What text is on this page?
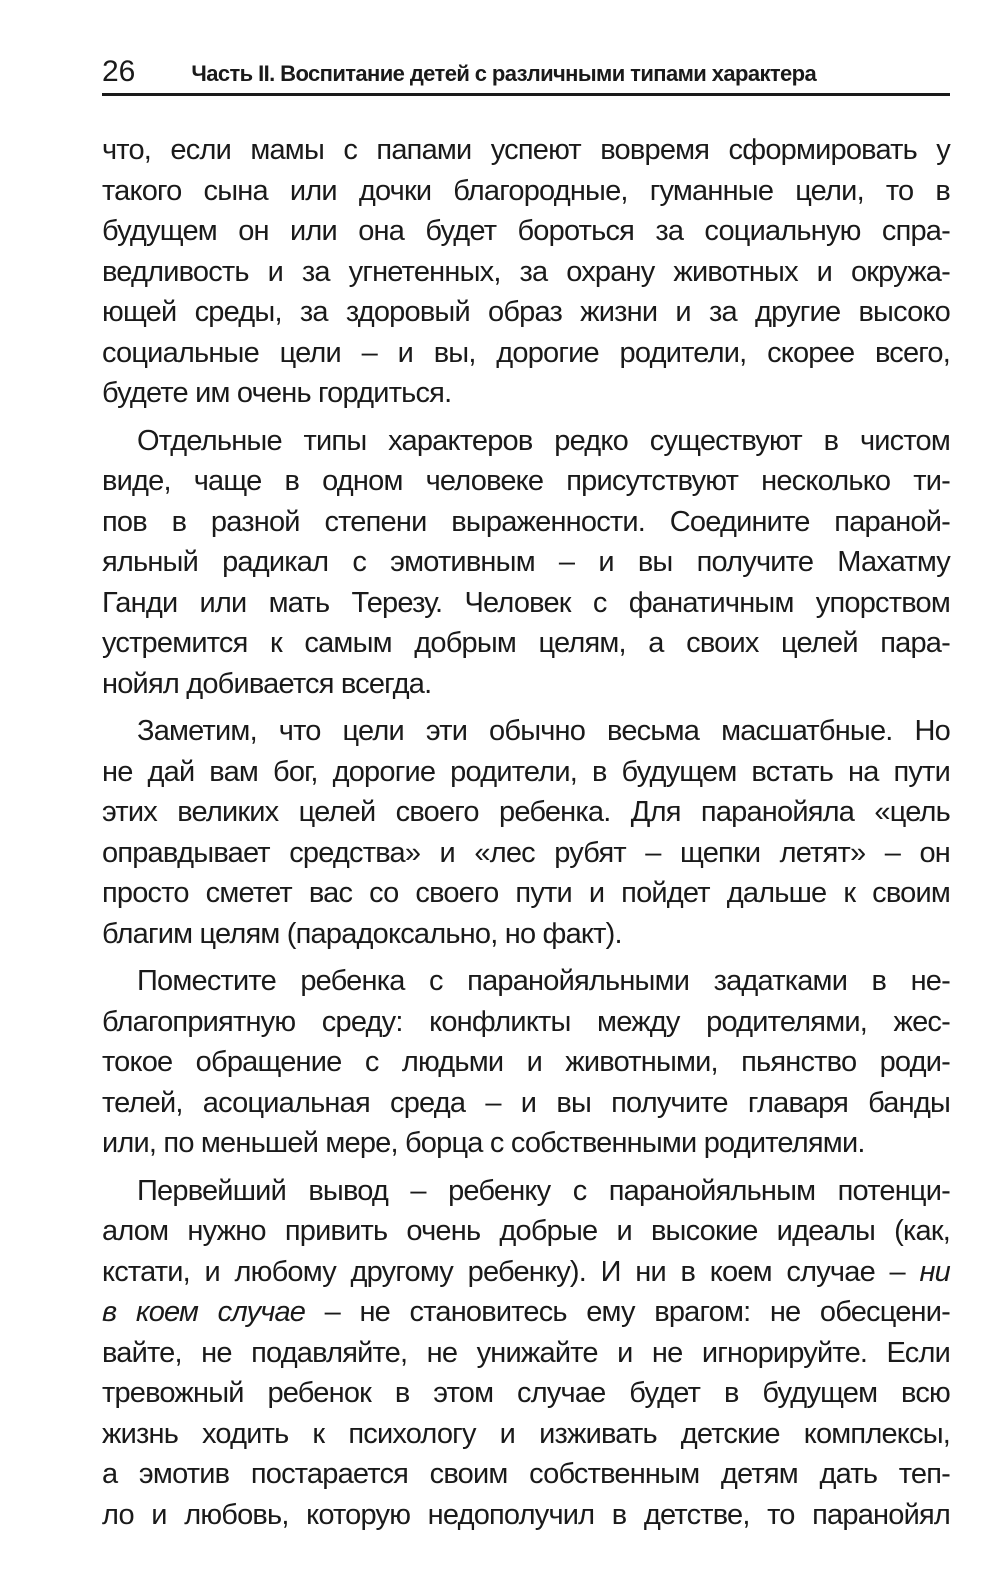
26	Часть II. Воспитание детей с различными типами характера

что, если мамы с папами успеют вовремя сформировать у
такого сына или дочки благородные, гуманные цели, то в
будущем он или она будет бороться за социальную спра-
ведливость и за угнетенных, за охрану животных и окружа-
ющей среды, за здоровый образ жизни и за другие высоко
социальные цели – и вы, дорогие родители, скорее всего,
будете им очень гордиться.

Отдельные типы характеров редко существуют в чистом
виде, чаще в одном человеке присутствуют несколько ти-
пов в разной степени выраженности. Соедините параной-
яльный радикал с эмотивным – и вы получите Махатму
Ганди или мать Терезу. Человек с фанатичным упорством
устремится к самым добрым целям, а своих целей пара-
нойял добивается всегда.

Заметим, что цели эти обычно весьма масшатбные. Но
не дай вам бог, дорогие родители, в будущем встать на пути
этих великих целей своего ребенка. Для паранойяла «цель
оправдывает средства» и «лес рубят – щепки летят» – он
просто сметет вас со своего пути и пойдет дальше к своим
благим целям (парадоксально, но факт).

Поместите ребенка с паранойяльными задатками в не-
благоприятную среду: конфликты между родителями, жес-
токое обращение с людьми и животными, пьянство роди-
телей, асоциальная среда – и вы получите главаря банды
или, по меньшей мере, борца с собственными родителями.

Первейший вывод – ребенку с паранойяльным потенци-
алом нужно привить очень добрые и высокие идеалы (как,
кстати, и любому другому ребенку). И ни в коем случае – ни
в коем случае – не становитесь ему врагом: не обесцени-
вайте, не подавляйте, не унижайте и не игнорируйте. Если
тревожный ребенок в этом случае будет в будущем всю
жизнь ходить к психологу и изживать детские комплексы,
а эмотив постарается своим собственным детям дать теп-
ло и любовь, которую недополучил в детстве, то паранойял
